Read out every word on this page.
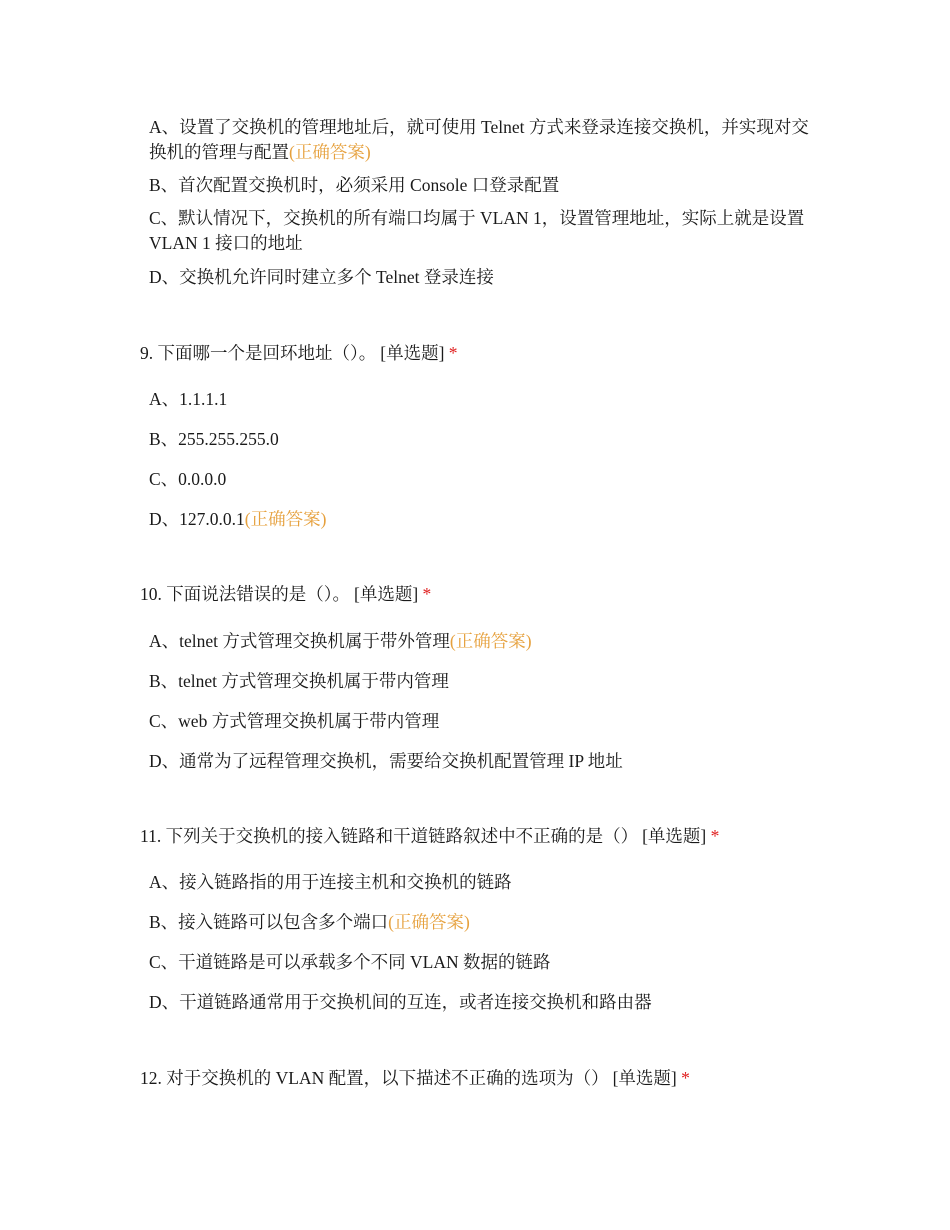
A、设置了交换机的管理地址后，就可使用 Telnet 方式来登录连接交换机，并实现对交换机的管理与配置(正确答案)
B、首次配置交换机时，必须采用 Console 口登录配置
C、默认情况下，交换机的所有端口均属于 VLAN 1，设置管理地址，实际上就是设置 VLAN 1 接口的地址
D、交换机允许同时建立多个 Telnet 登录连接
9. 下面哪一个是回环地址（）。 [单选题] *
A、1.1.1.1
B、255.255.255.0
C、0.0.0.0
D、127.0.0.1(正确答案)
10. 下面说法错误的是（）。 [单选题] *
A、telnet 方式管理交换机属于带外管理(正确答案)
B、telnet 方式管理交换机属于带内管理
C、web 方式管理交换机属于带内管理
D、通常为了远程管理交换机，需要给交换机配置管理 IP 地址
11. 下列关于交换机的接入链路和干道链路叙述中不正确的是（） [单选题] *
A、接入链路指的用于连接主机和交换机的链路
B、接入链路可以包含多个端口(正确答案)
C、干道链路是可以承载多个不同 VLAN 数据的链路
D、干道链路通常用于交换机间的互连，或者连接交换机和路由器
12. 对于交换机的 VLAN 配置，以下描述不正确的选项为（） [单选题] *
